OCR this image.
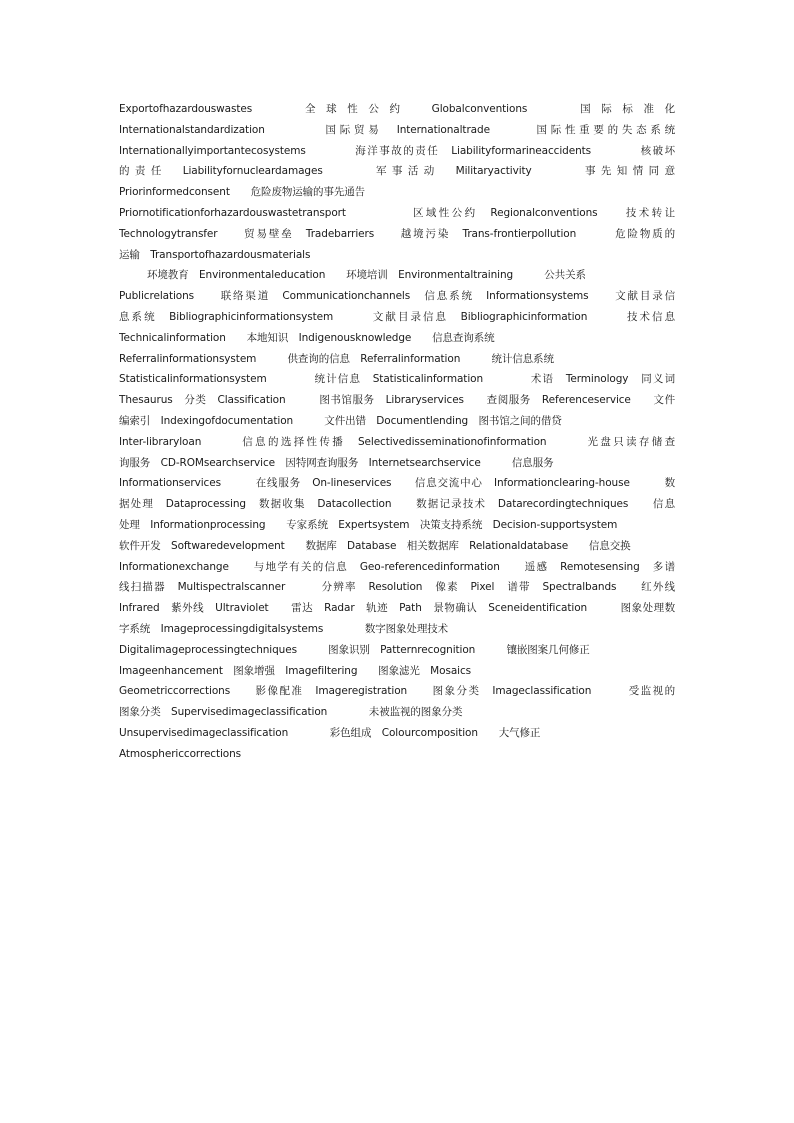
Exportofhazardouswastes　　全球性公约　Globalconventions　　国际标准化
Internationalstandardization　　　　国际贸易　Internationaltrade　　　国际性重要的失态系统
Internationallyimportantecosystems　　　　海洋事故的责任　Liabilityformarineaccidents　　　　核破坏
的责任　Liabilityfornucleardamages　　　军事活动　Militaryactivity　　　事先知情同意
Priorinformedconsent　　危险废物运输的事先通告
Priornotificationforhazardouswastetransport　　　　　区域性公约　Regionalconventions　　技术转让
Technologytransfer　　贸易壁垒　Tradebarriers　　越境污染　Trans-frontierpollution　　　危险物质的
运输　Transportofhazardousmaterials
环境教育　Environmentaleducation　　环境培训　Environmentaltraining　　　公共关系
Publicrelations　　联络渠道　Communicationchannels　信息系统　Informationsystems　　文献目录信
息系统　Bibliographicinformationsystem　　　文献目录信息　Bibliographicinformation　　　技术信息
Technicalinformation　　本地知识　Indigenousknowledge　　信息查询系统
Referralinformationsystem　　　供查询的信息　Referralinformation　　　统计信息系统
Statisticalinformationsystem　　　　统计信息　Statisticalinformation　　　　术语　Terminology　同义词
Thesaurus　分类　Classification　　　图书馆服务　Libraryservices　　查阅服务　Referenceservice　　文件
编索引　Indexingofdocumentation　　　文件出错　Documentlending　图书馆之间的借贷
Inter-libraryloan　　　信息的选择性传播　Selectivedisseminationofinformation　　　光盘只读存储查
询服务　CD-ROMsearchservice　因特网查询服务　Internetsearchservice　　　信息服务
Informationservices　　　在线服务　On-lineservices　　信息交流中心　Informationclearing-house　　　数
据处理　Dataprocessing　数据收集　Datacollection　　数据记录技术　Datarecordingtechniques　　信息
处理　Informationprocessing　　专家系统　Expertsystem　决策支持系统　Decision-supportsystem
软件开发　Softwaredevelopment　　数据库　Database　相关数据库　Relationaldatabase　　信息交换
Informationexchange　　与地学有关的信息　Geo-referencedinformation　　遥感　Remotesensing　多谱
线扫描器　Multispectralscanner　　　分辨率　Resolution　像素　Pixel　谱带　Spectralbands　　红外线
Infrared　紫外线　Ultraviolet　　雷达　Radar　轨迹　Path　景物确认　Sceneidentification　　　图象处理数
字系统　Imageprocessingdigitalsystems　　　　数字图象处理技术
Digitalimageprocessingtechniques　　　图象识别　Patternrecognition　　　镶嵌图案几何修正
Imageenhancement　图象增强　Imagefiltering　　图象滤光　Mosaics
Geometriccorrections　　影像配准　Imageregistration　　图象分类　Imageclassification　　　受监视的
图象分类　Supervisedimageclassification　　　　未被监视的图象分类
Unsupervisedimageclassification　　　　彩色组成　Colourcomposition　　大气修正
Atmosphericcorrections
